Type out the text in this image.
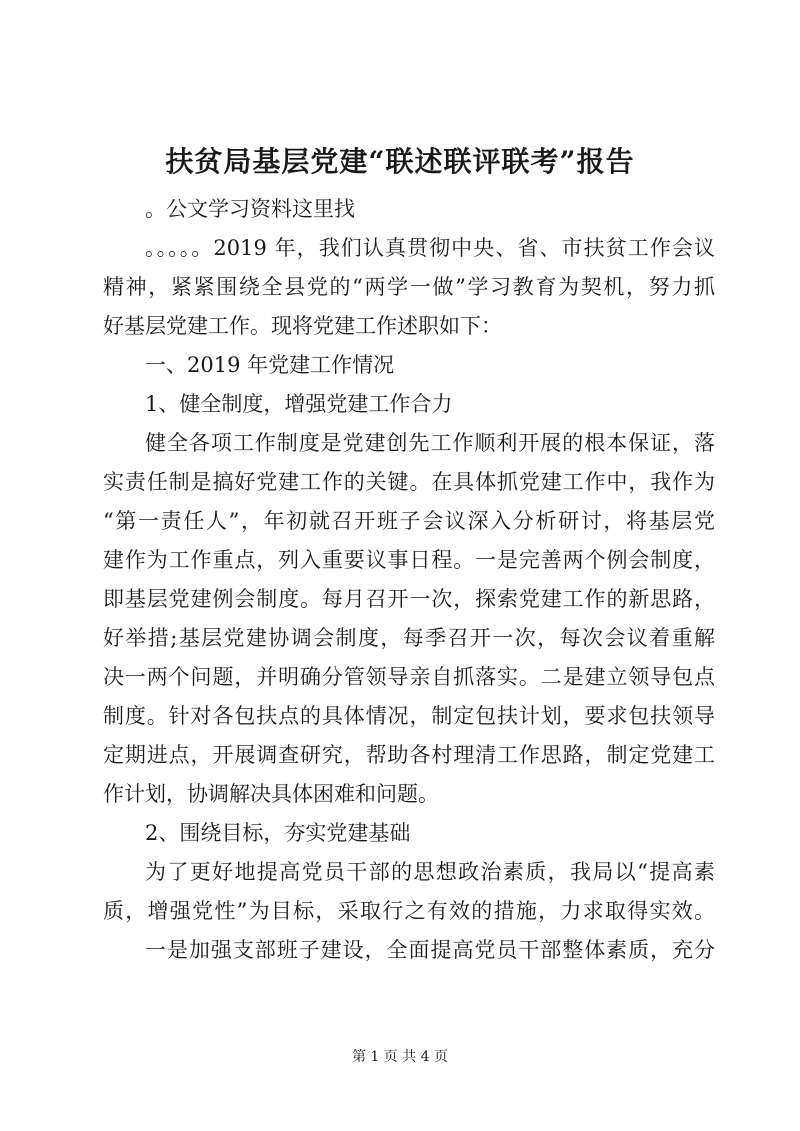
扶贫局基层党建“联述联评联考”报告
。公文学习资料这里找
。。。。。2019 年，我们认真贯彻中央、省、市扶贫工作会议
精神，紧紧围绕全县党的“两学一做”学习教育为契机，努力抓
好基层党建工作。现将党建工作述职如下：
一、2019 年党建工作情况
1、健全制度，增强党建工作合力
健全各项工作制度是党建创先工作顺利开展的根本保证，落
实责任制是搞好党建工作的关键。在具体抓党建工作中，我作为
“第一责任人”，年初就召开班子会议深入分析研讨，将基层党
建作为工作重点，列入重要议事日程。一是完善两个例会制度，
即基层党建例会制度。每月召开一次，探索党建工作的新思路，
好举措;基层党建协调会制度，每季召开一次，每次会议着重解
决一两个问题，并明确分管领导亲自抓落实。二是建立领导包点
制度。针对各包扶点的具体情况，制定包扶计划，要求包扶领导
定期进点，开展调查研究，帮助各村理清工作思路，制定党建工
作计划，协调解决具体困难和问题。
2、围绕目标，夯实党建基础
为了更好地提高党员干部的思想政治素质，我局以“提高素
质，增强党性”为目标，采取行之有效的措施，力求取得实效。
一是加强支部班子建设，全面提高党员干部整体素质，充分
第 1 页 共 4 页
